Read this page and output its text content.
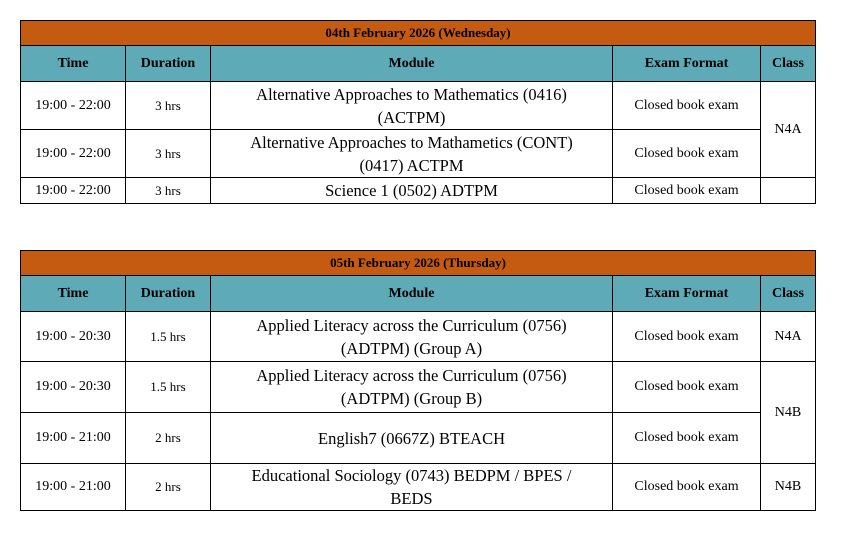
04th February 2026 (Wednesday)				
Time	Duration	Module	Exam Format	Class
19:00 - 22:00	3 hrs	Alternative Approaches to Mathematics (0416)
(ACTPM)	Closed book exam	N4A
19:00 - 22:00	3 hrs	Alternative Approaches to Mathametics (CONT)
(0417) ACTPM	Closed book exam	
19:00 - 22:00	3 hrs	Science 1 (0502) ADTPM	Closed book exam	
05th February 2026 (Thursday)				
Time	Duration	Module	Exam Format	Class
19:00 - 20:30	1.5 hrs	Applied Literacy across the Curriculum (0756)
(ADTPM) (Group A)	Closed book exam	N4A
19:00 - 20:30	1.5 hrs	Applied Literacy across the Curriculum (0756)
(ADTPM) (Group B)	Closed book exam	N4B
19:00 - 21:00	2 hrs	English7 (0667Z) BTEACH	Closed book exam	
19:00 - 21:00	2 hrs	Educational Sociology (0743) BEDPM / BPES /
BEDS	Closed book exam	N4B
